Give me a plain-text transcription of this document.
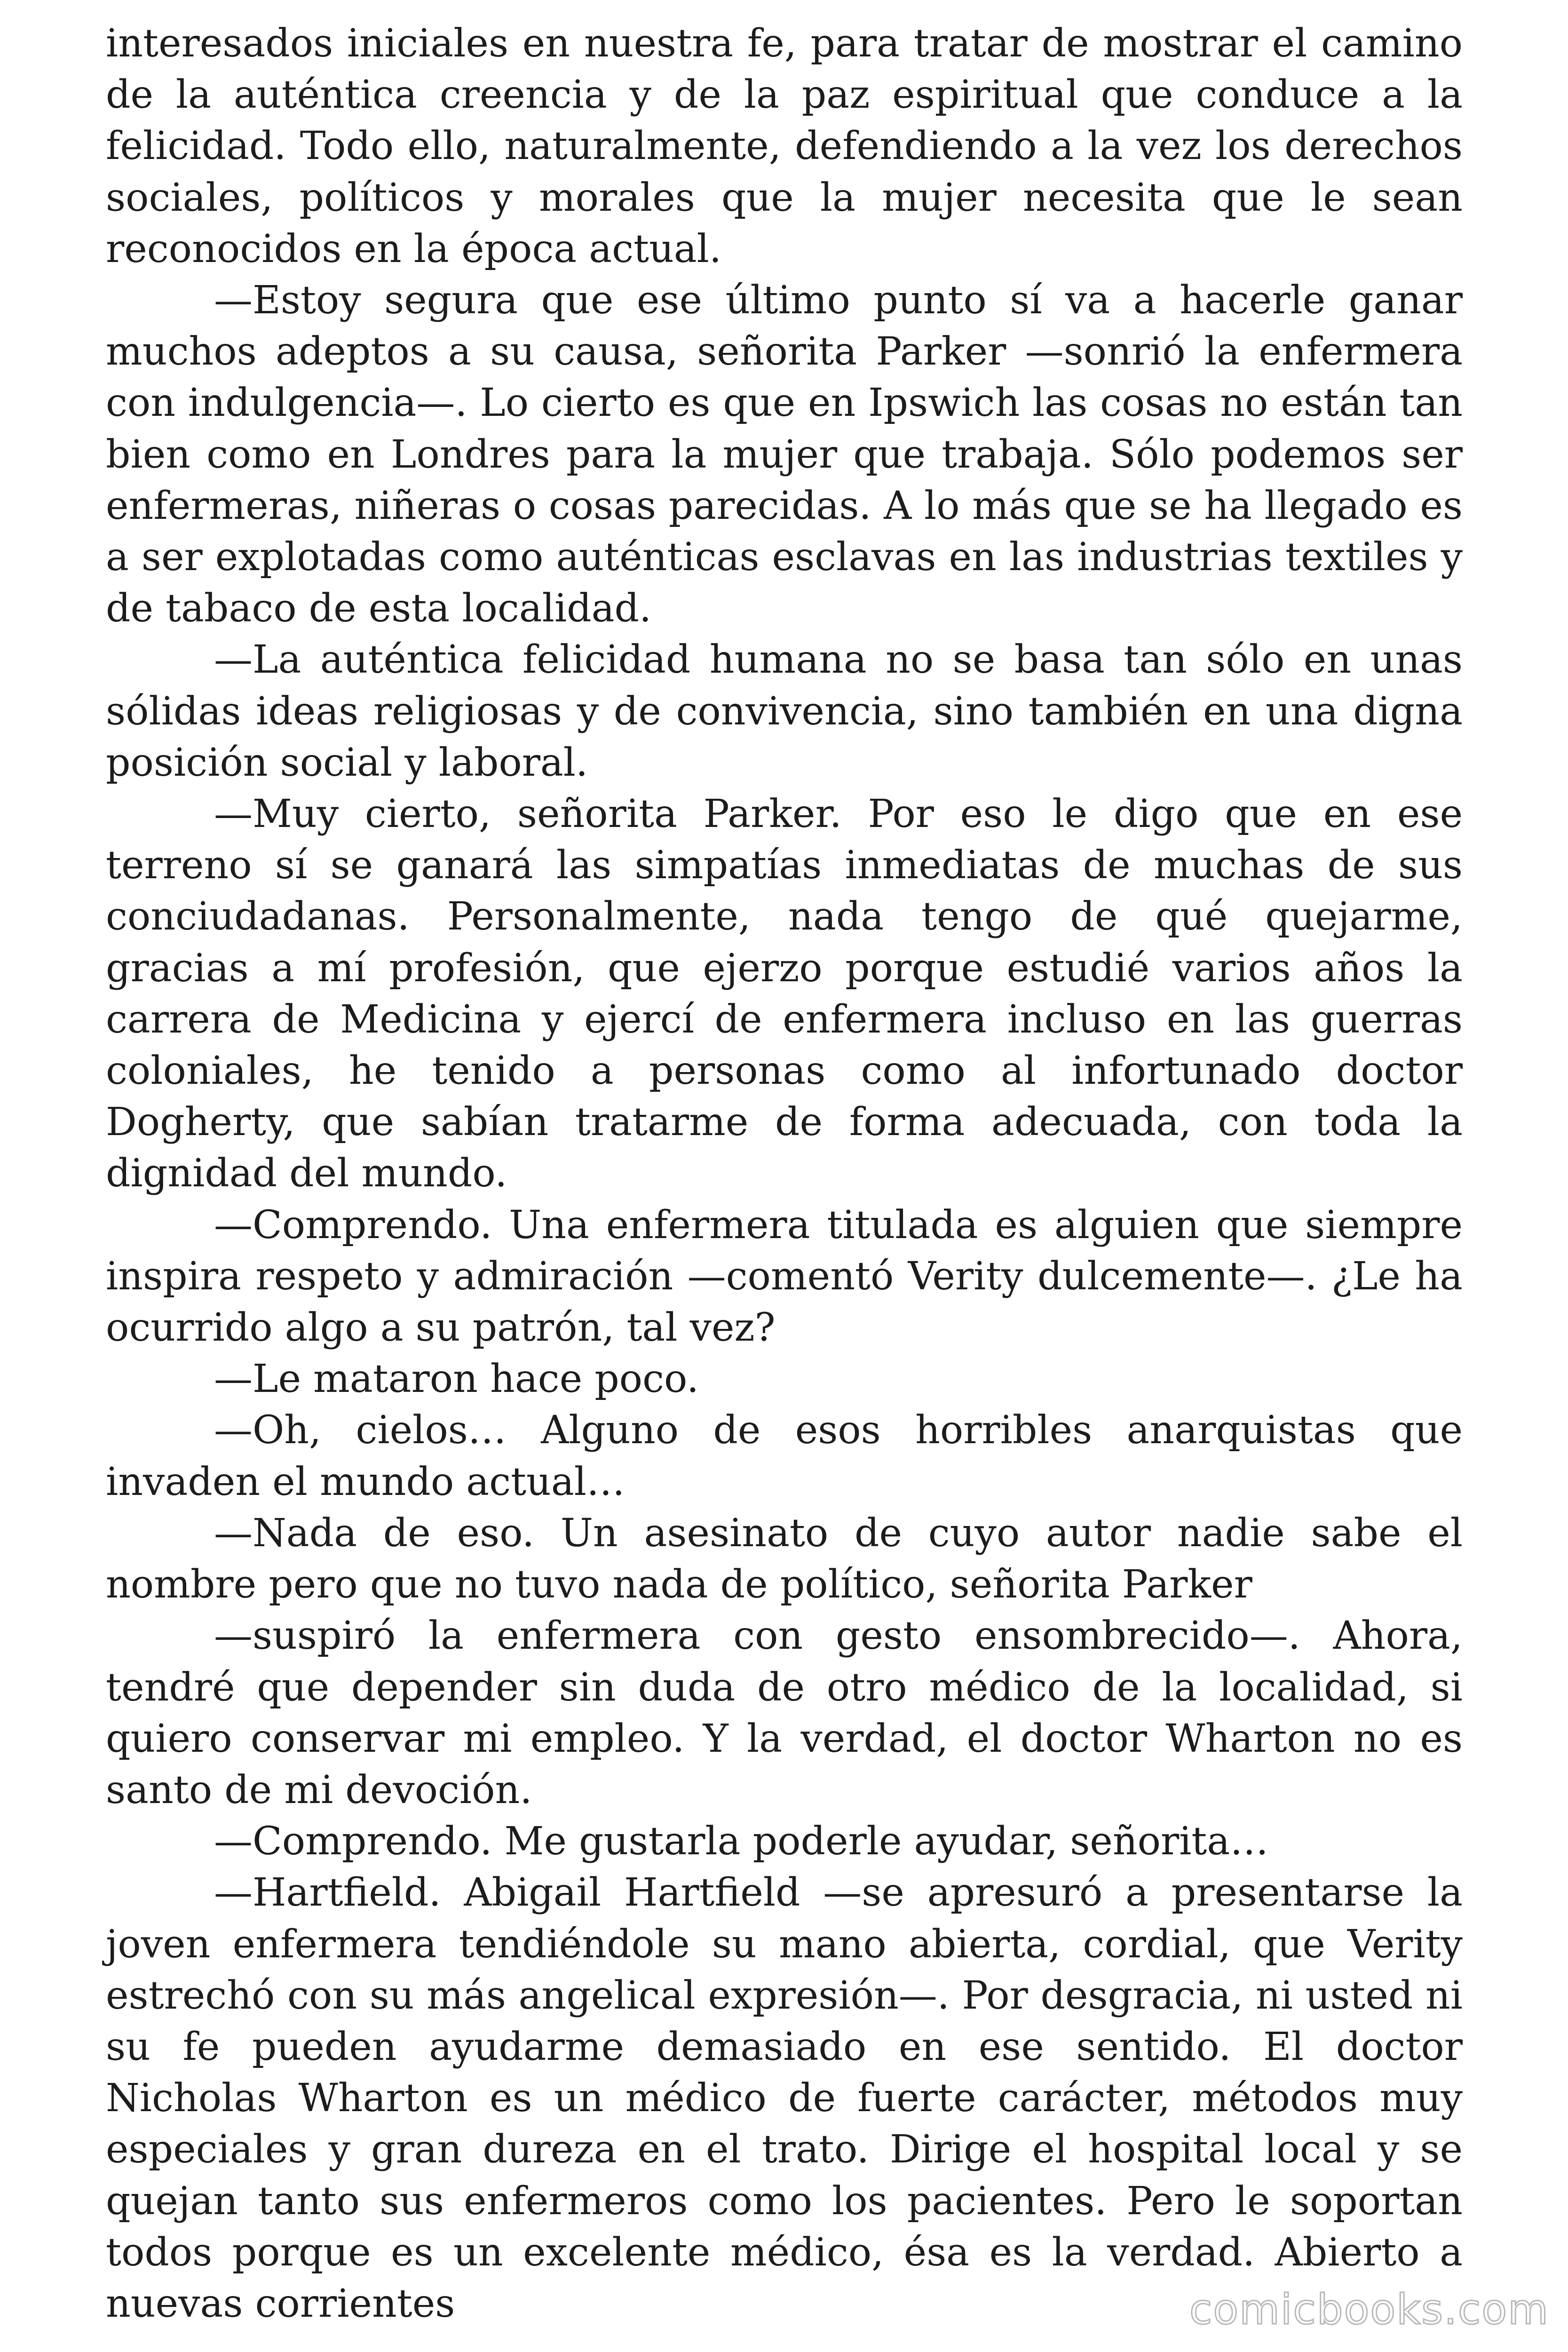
interesados iniciales en nuestra fe, para tratar de mostrar el camino de la auténtica creencia y de la paz espiritual que conduce a la felicidad. Todo ello, naturalmente, defendiendo a la vez los derechos sociales, políticos y morales que la mujer necesita que le sean reconocidos en la época actual.

—Estoy segura que ese último punto sí va a hacerle ganar muchos adeptos a su causa, señorita Parker —sonrió la enfermera con indulgencia—. Lo cierto es que en Ipswich las cosas no están tan bien como en Londres para la mujer que trabaja. Sólo podemos ser enfermeras, niñeras o cosas parecidas. A lo más que se ha llegado es a ser explotadas como auténticas esclavas en las industrias textiles y de tabaco de esta localidad.

—La auténtica felicidad humana no se basa tan sólo en unas sólidas ideas religiosas y de convivencia, sino también en una digna posición social y laboral.

—Muy cierto, señorita Parker. Por eso le digo que en ese terreno sí se ganará las simpatías inmediatas de muchas de sus conciudadanas. Personalmente, nada tengo de qué quejarme, gracias a mí profesión, que ejerzo porque estudié varios años la carrera de Medicina y ejercí de enfermera incluso en las guerras coloniales, he tenido a personas como al infortunado doctor Dogherty, que sabían tratarme de forma adecuada, con toda la dignidad del mundo.

—Comprendo. Una enfermera titulada es alguien que siempre inspira respeto y admiración —comentó Verity dulcemente—. ¿Le ha ocurrido algo a su patrón, tal vez?

—Le mataron hace poco.

—Oh, cielos… Alguno de esos horribles anarquistas que invaden el mundo actual…

—Nada de eso. Un asesinato de cuyo autor nadie sabe el nombre pero que no tuvo nada de político, señorita Parker

—suspiró la enfermera con gesto ensombrecido—. Ahora, tendré que depender sin duda de otro médico de la localidad, si quiero conservar mi empleo. Y la verdad, el doctor Wharton no es santo de mi devoción.

—Comprendo. Me gustarla poderle ayudar, señorita…

—Hartfield. Abigail Hartfield —se apresuró a presentarse la joven enfermera tendiéndole su mano abierta, cordial, que Verity estrechó con su más angelical expresión—. Por desgracia, ni usted ni su fe pueden ayudarme demasiado en ese sentido. El doctor Nicholas Wharton es un médico de fuerte carácter, métodos muy especiales y gran dureza en el trato. Dirige el hospital local y se quejan tanto sus enfermeros como los pacientes. Pero le soportan todos porque es un excelente médico, ésa es la verdad. Abierto a nuevas corrientes	comicbooks.com
